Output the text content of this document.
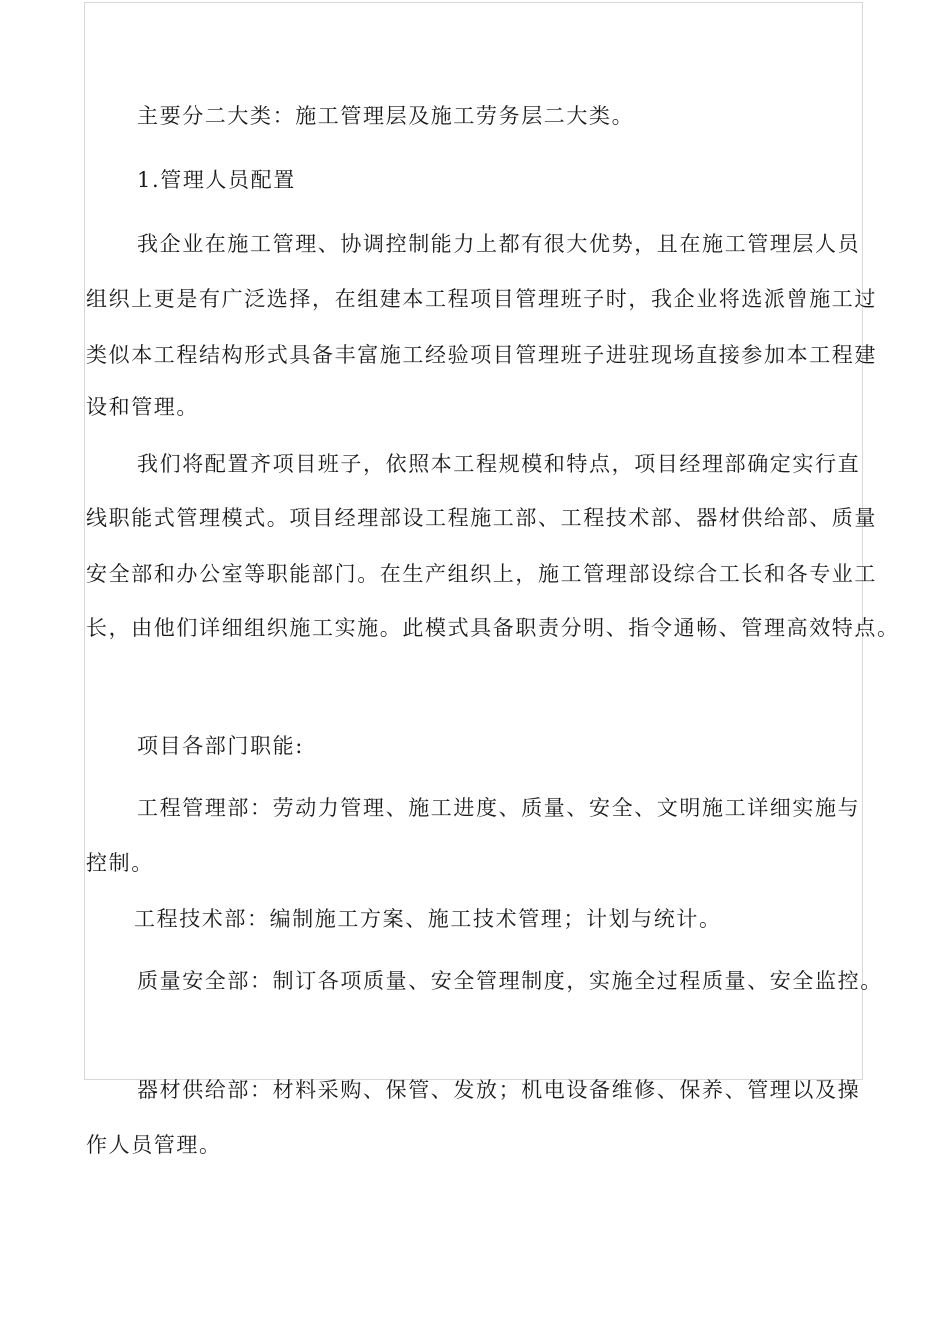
主要分二大类：施工管理层及施工劳务层二大类。
1.管理人员配置
我企业在施工管理、协调控制能力上都有很大优势，且在施工管理层人员
组织上更是有广泛选择，在组建本工程项目管理班子时，我企业将选派曾施工过
类似本工程结构形式具备丰富施工经验项目管理班子进驻现场直接参加本工程建
设和管理。
我们将配置齐项目班子，依照本工程规模和特点，项目经理部确定实行直
线职能式管理模式。项目经理部设工程施工部、工程技术部、器材供给部、质量
安全部和办公室等职能部门。在生产组织上，施工管理部设综合工长和各专业工
长，由他们详细组织施工实施。此模式具备职责分明、指令通畅、管理高效特点。
项目各部门职能:
工程管理部：劳动力管理、施工进度、质量、安全、文明施工详细实施与
控制。
工程技术部：编制施工方案、施工技术管理；计划与统计。
质量安全部：制订各项质量、安全管理制度，实施全过程质量、安全监控。
器材供给部：材料采购、保管、发放；机电设备维修、保养、管理以及操
作人员管理。
